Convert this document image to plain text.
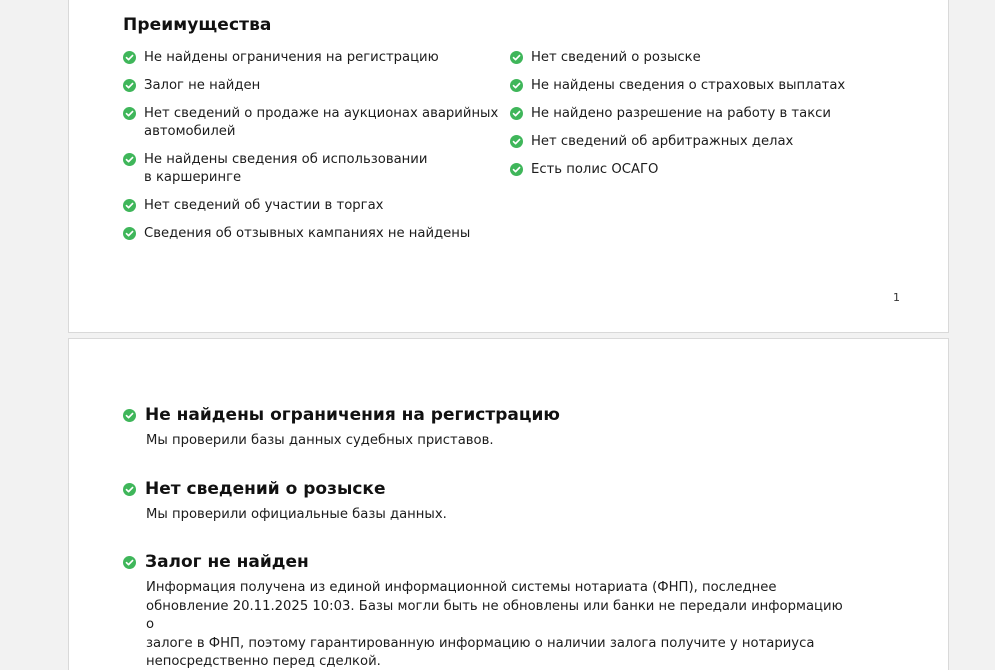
Преимущества
Не найдены ограничения на регистрацию
Залог не найден
Нет сведений о продаже на аукционах аварийных
автомобилей
Не найдены сведения об использовании
в каршеринге
Нет сведений об участии в торгах
Сведения об отзывных кампаниях не найдены
Нет сведений о розыске
Не найдены сведения о страховых выплатах
Не найдено разрешение на работу в такси
Нет сведений об арбитражных делах
Есть полис ОСАГО
1
Не найдены ограничения на регистрацию

Мы проверили базы данных судебных приставов.

Нет сведений о розыске

Мы проверили официальные базы данных.

Залог не найден

Информация получена из единой информационной системы нотариата (ФНП), последнее
обновление 20.11.2025 10:03. Базы могли быть не обновлены или банки не передали информацию о
залоге в ФНП, поэтому гарантированную информацию о наличии залога получите у нотариуса
непосредственно перед сделкой.
